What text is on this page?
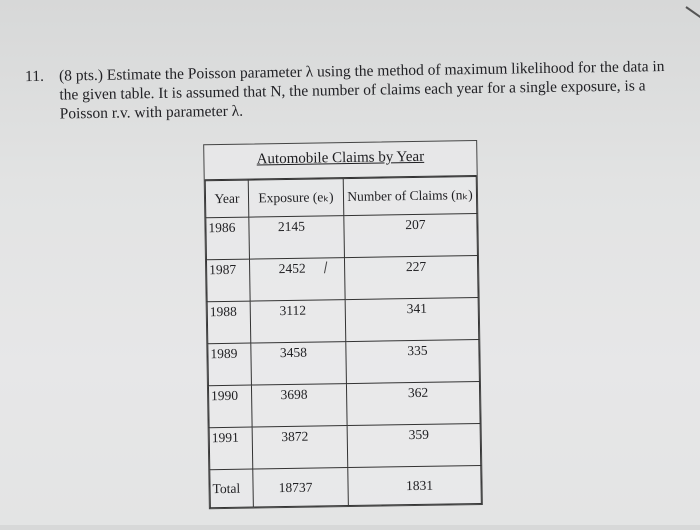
11. (8 pts.) Estimate the Poisson parameter λ using the method of maximum likelihood for the data in
the given table. It is assumed that N, the number of claims each year for a single exposure, is a
Poisson r.v. with parameter λ.
Automobile Claims by Year
Year	Exposure (eₖ)	Number of Claims (nₖ)
1986	2145	207
1987	2452	227
1988	3112	341
1989	3458	335
1990	3698	362
1991	3872	359
Total	18737	1831
